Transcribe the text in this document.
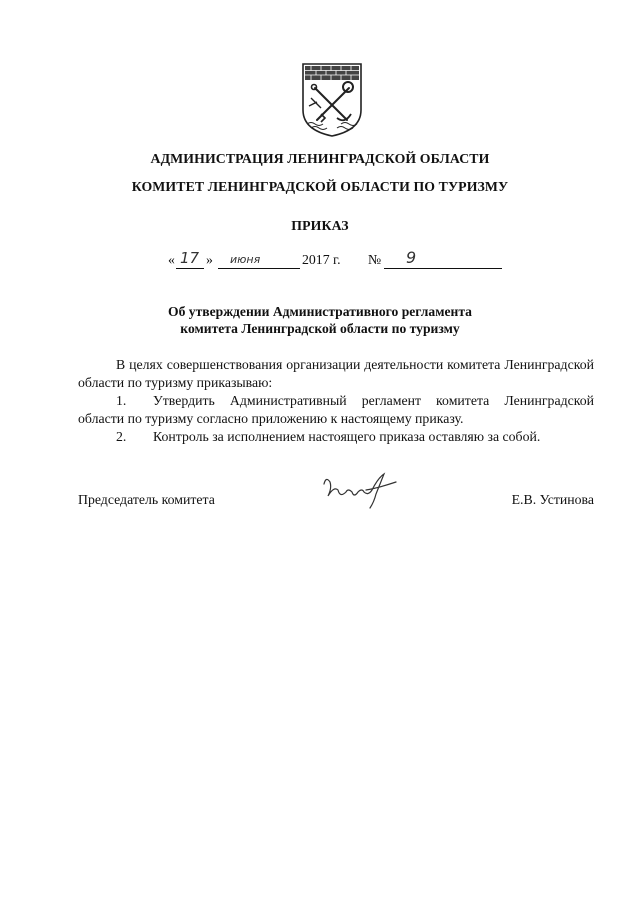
АДМИНИСТРАЦИЯ ЛЕНИНГРАДСКОЙ ОБЛАСТИ
КОМИТЕТ ЛЕНИНГРАДСКОЙ ОБЛАСТИ ПО ТУРИЗМУ
ПРИКАЗ
« 17 » июня	2017 г. № 9
Об утверждении Административного регламента
комитета Ленинградской области по туризму

В целях совершенствования организации деятельности комитета Ленинградской области по туризму приказываю:

1.	Утвердить Административный регламент комитета Ленинградской области по туризму согласно приложению к настоящему приказу.
2.	Контроль за исполнением настоящего приказа оставляю за собой.
Председатель комитета	Е.В. Устинова
